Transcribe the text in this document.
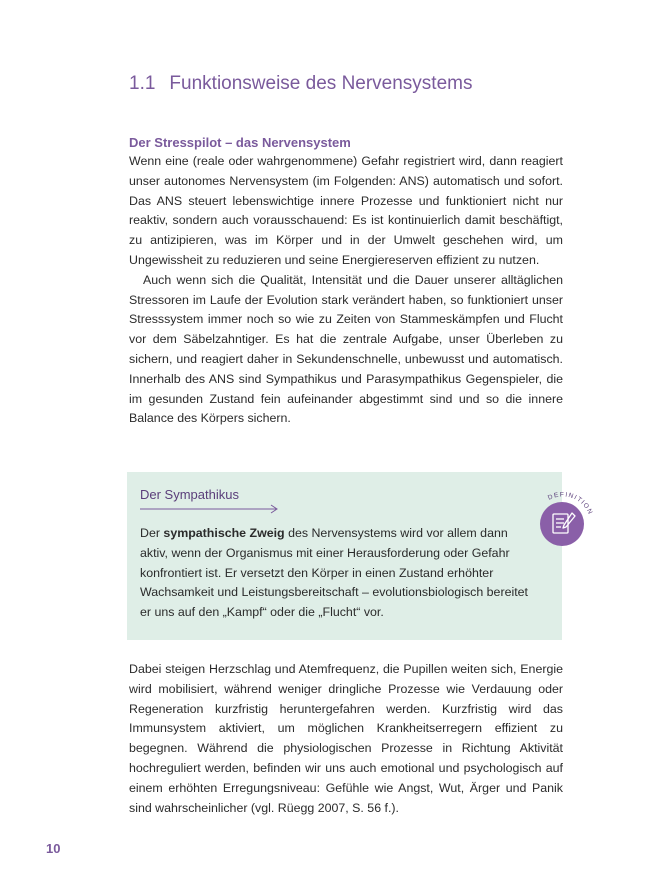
1.1 Funktionsweise des Nervensystems
Der Stresspilot – das Nervensystem

Wenn eine (reale oder wahrgenommene) Gefahr registriert wird, dann reagiert unser autonomes Nervensystem (im Folgenden: ANS) automatisch und sofort. Das ANS steuert lebenswichtige innere Prozesse und funktioniert nicht nur reaktiv, sondern auch vorausschauend: Es ist kontinuierlich damit beschäftigt, zu antizipieren, was im Körper und in der Umwelt geschehen wird, um Ungewissheit zu reduzieren und seine Energiereserven effizient zu nutzen.

Auch wenn sich die Qualität, Intensität und die Dauer unserer alltäglichen Stressoren im Laufe der Evolution stark verändert haben, so funktioniert unser Stresssystem immer noch so wie zu Zeiten von Stammeskämpfen und Flucht vor dem Säbelzahntiger. Es hat die zentrale Aufgabe, unser Überleben zu sichern, und reagiert daher in Sekundenschnelle, unbewusst und automatisch. Innerhalb des ANS sind Sympathikus und Parasympathikus Gegenspieler, die im gesunden Zustand fein aufeinander abgestimmt sind und so die innere Balance des Körpers sichern.

Der Sympathikus

Der sympathische Zweig des Nervensystems wird vor allem dann aktiv, wenn der Organismus mit einer Herausforderung oder Gefahr konfrontiert ist. Er versetzt den Körper in einen Zustand erhöhter Wachsamkeit und Leistungsbereitschaft – evolutionsbiologisch bereitet er uns auf den „Kampf“ oder die „Flucht“ vor.

DEFINITION

Dabei steigen Herzschlag und Atemfrequenz, die Pupillen weiten sich, Energie wird mobilisiert, während weniger dringliche Prozesse wie Verdauung oder Regeneration kurzfristig heruntergefahren werden. Kurzfristig wird das Immunsystem aktiviert, um möglichen Krankheitserregern effizient zu begegnen. Während die physiologischen Prozesse in Richtung Aktivität hochreguliert werden, befinden wir uns auch emotional und psychologisch auf einem erhöhten Erregungsniveau: Gefühle wie Angst, Wut, Ärger und Panik sind wahrscheinlicher (vgl. Rüegg 2007, S. 56 f.).

10
